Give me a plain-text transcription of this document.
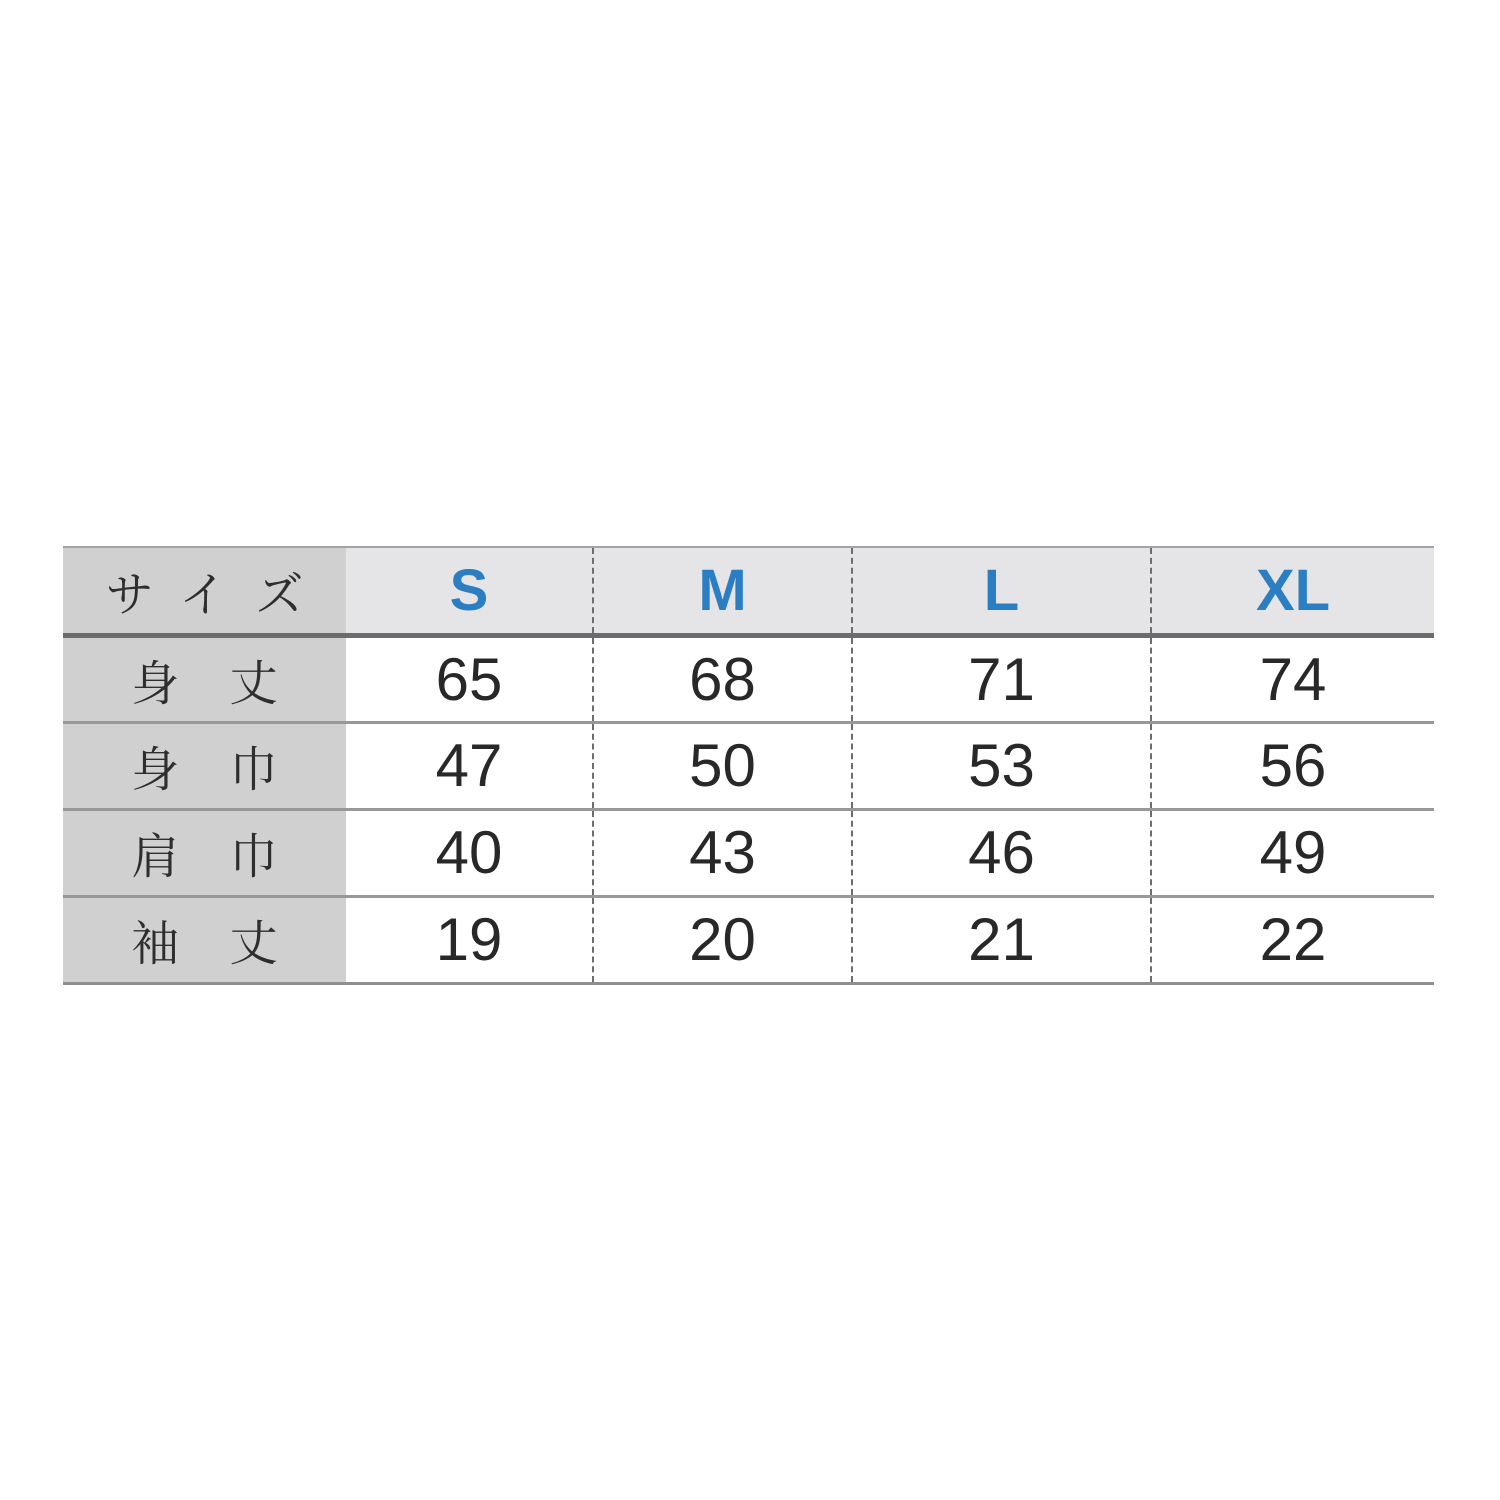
サイズ	S	M	L	XL
身丈	65	68	71	74
身巾	47	50	53	56
肩巾	40	43	46	49
袖丈	19	20	21	22
